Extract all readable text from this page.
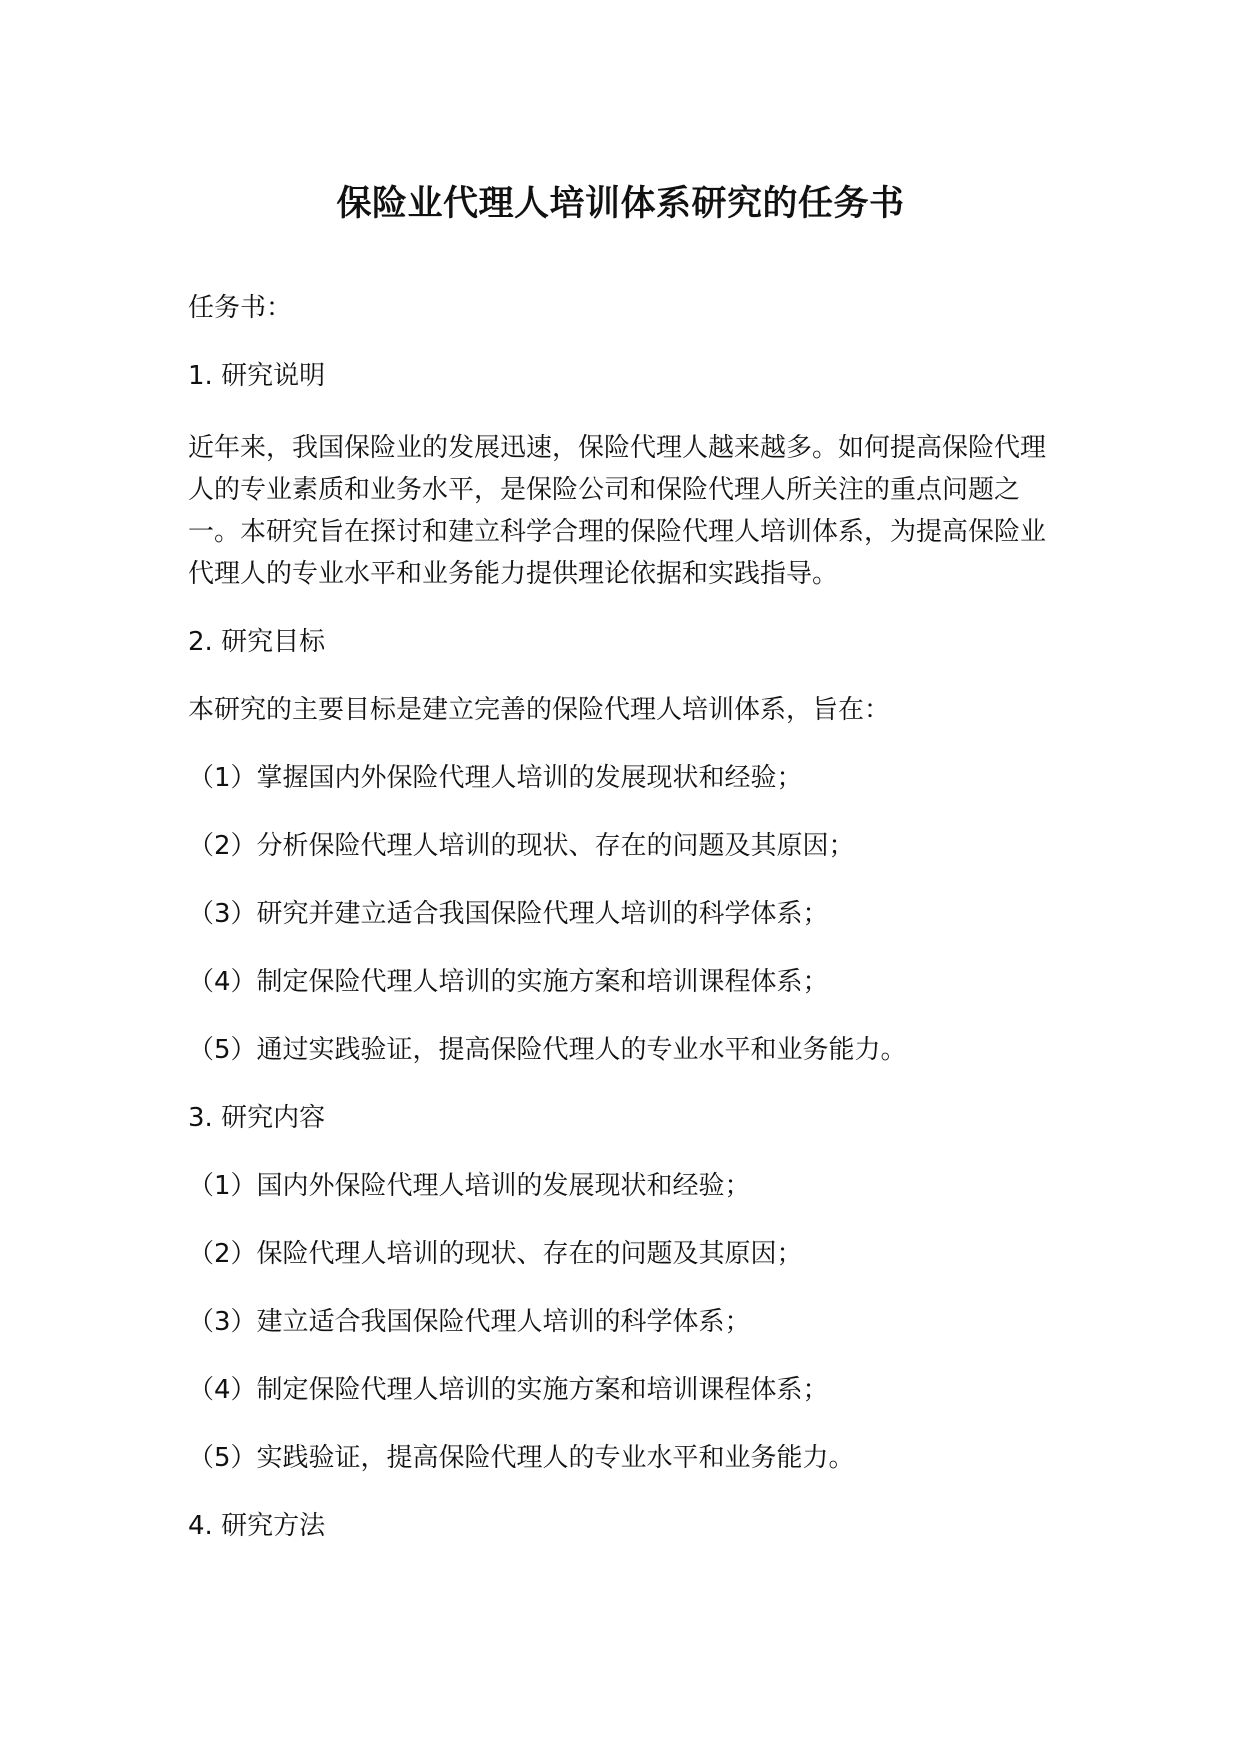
保险业代理人培训体系研究的任务书

任务书：

1. 研究说明

近年来，我国保险业的发展迅速，保险代理人越来越多。如何提高保险代理人的专业素质和业务水平，是保险公司和保险代理人所关注的重点问题之一。本研究旨在探讨和建立科学合理的保险代理人培训体系，为提高保险业代理人的专业水平和业务能力提供理论依据和实践指导。

2. 研究目标

本研究的主要目标是建立完善的保险代理人培训体系，旨在：

（1）掌握国内外保险代理人培训的发展现状和经验；

（2）分析保险代理人培训的现状、存在的问题及其原因；

（3）研究并建立适合我国保险代理人培训的科学体系；

（4）制定保险代理人培训的实施方案和培训课程体系；

（5）通过实践验证，提高保险代理人的专业水平和业务能力。

3. 研究内容

（1）国内外保险代理人培训的发展现状和经验；

（2）保险代理人培训的现状、存在的问题及其原因；

（3）建立适合我国保险代理人培训的科学体系；

（4）制定保险代理人培训的实施方案和培训课程体系；

（5）实践验证，提高保险代理人的专业水平和业务能力。

4. 研究方法
